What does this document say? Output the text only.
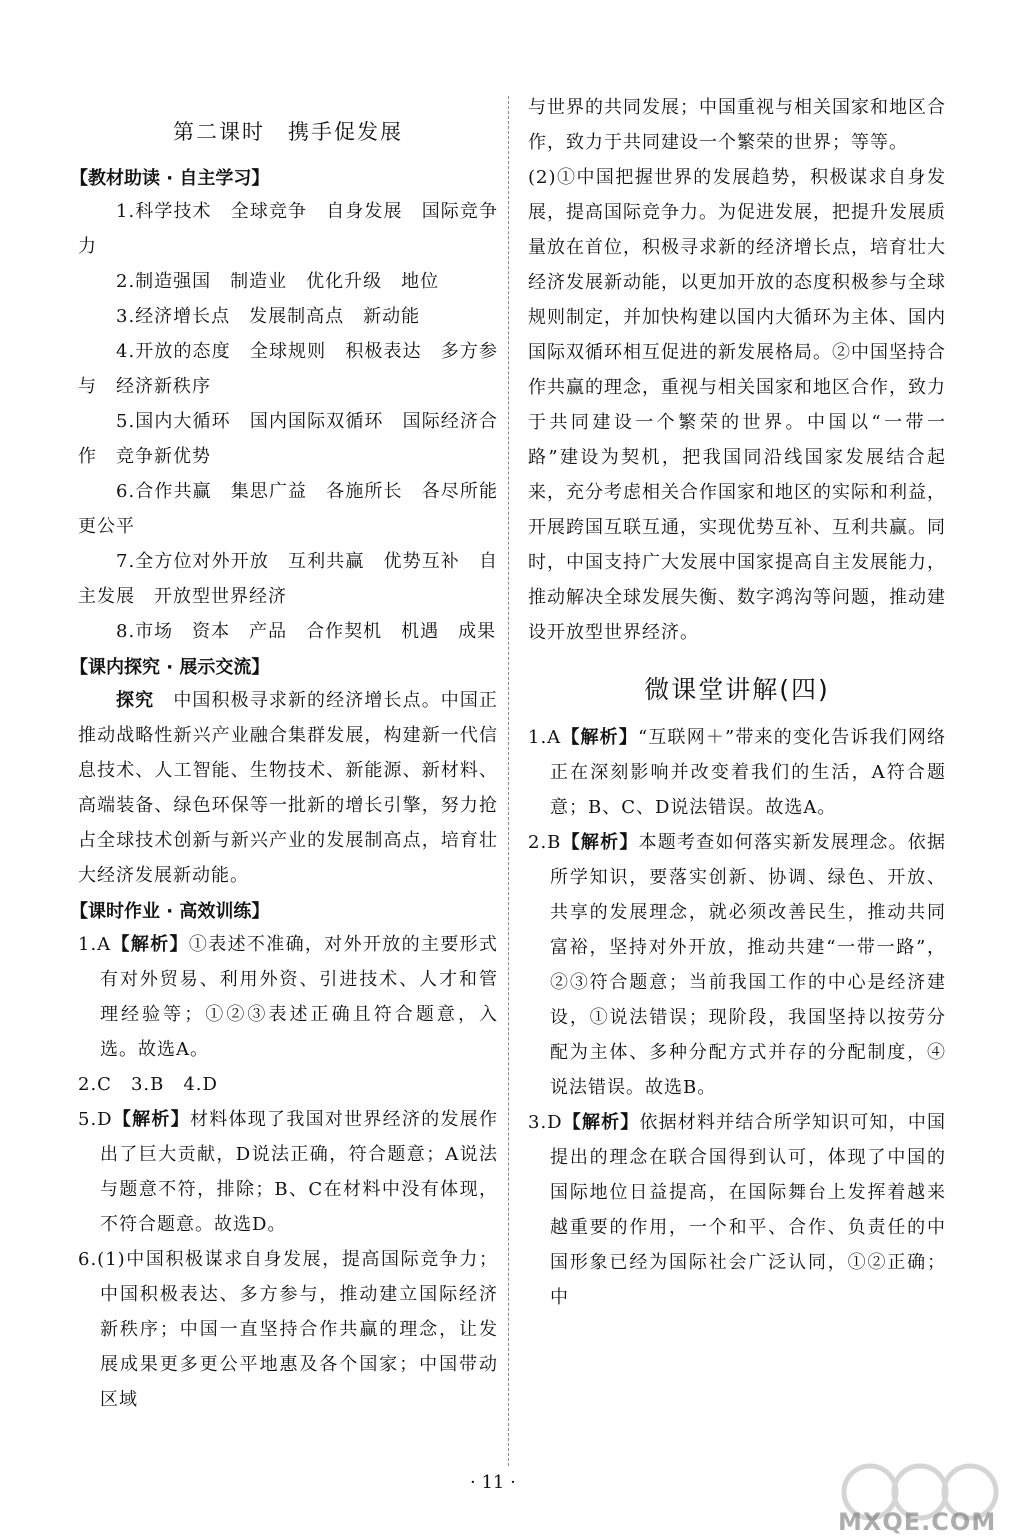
第二课时　携手促发展
【教材助读 · 自主学习】

1.科学技术　全球竞争　自身发展　国际竞争力

2.制造强国　制造业　优化升级　地位

3.经济增长点　发展制高点　新动能

4.开放的态度　全球规则　积极表达　多方参与　经济新秩序

5.国内大循环　国内国际双循环　国际经济合作　竞争新优势

6.合作共赢　集思广益　各施所长　各尽所能　更公平

7.全方位对外开放　互利共赢　优势互补　自主发展　开放型世界经济

8.市场　资本　产品　合作契机　机遇　成果

【课内探究 · 展示交流】

探究　中国积极寻求新的经济增长点。中国正推动战略性新兴产业融合集群发展，构建新一代信息技术、人工智能、生物技术、新能源、新材料、高端装备、绿色环保等一批新的增长引擎，努力抢占全球技术创新与新兴产业的发展制高点，培育壮大经济发展新动能。

【课时作业 · 高效训练】

1.A【解析】①表述不准确，对外开放的主要形式有对外贸易、利用外资、引进技术、人才和管理经验等；①②③表述正确且符合题意，入选。故选A。

2.C　3.B　4.D

5.D【解析】材料体现了我国对世界经济的发展作出了巨大贡献，D说法正确，符合题意；A说法与题意不符，排除；B、C在材料中没有体现，不符合题意。故选D。

6.(1)中国积极谋求自身发展，提高国际竞争力；中国积极表达、多方参与，推动建立国际经济新秩序；中国一直坚持合作共赢的理念，让发展成果更多更公平地惠及各个国家；中国带动区域

与世界的共同发展；中国重视与相关国家和地区合作，致力于共同建设一个繁荣的世界；等等。

(2)①中国把握世界的发展趋势，积极谋求自身发展，提高国际竞争力。为促进发展，把提升发展质量放在首位，积极寻求新的经济增长点，培育壮大经济发展新动能，以更加开放的态度积极参与全球规则制定，并加快构建以国内大循环为主体、国内国际双循环相互促进的新发展格局。②中国坚持合作共赢的理念，重视与相关国家和地区合作，致力于共同建设一个繁荣的世界。中国以“一带一路”建设为契机，把我国同沿线国家发展结合起来，充分考虑相关合作国家和地区的实际和利益，开展跨国互联互通，实现优势互补、互利共赢。同时，中国支持广大发展中国家提高自主发展能力，推动解决全球发展失衡、数字鸿沟等问题，推动建设开放型世界经济。

微课堂讲解(四)

1.A【解析】“互联网＋”带来的变化告诉我们网络正在深刻影响并改变着我们的生活，A符合题意；B、C、D说法错误。故选A。

2.B【解析】本题考查如何落实新发展理念。依据所学知识，要落实创新、协调、绿色、开放、共享的发展理念，就必须改善民生，推动共同富裕，坚持对外开放，推动共建“一带一路”，②③符合题意；当前我国工作的中心是经济建设，①说法错误；现阶段，我国坚持以按劳分配为主体、多种分配方式并存的分配制度，④说法错误。故选B。

3.D【解析】依据材料并结合所学知识可知，中国提出的理念在联合国得到认可，体现了中国的国际地位日益提高，在国际舞台上发挥着越来越重要的作用，一个和平、合作、负责任的中国形象已经为国际社会广泛认同，①②正确；中

· 11 ·
MXQE.COM
